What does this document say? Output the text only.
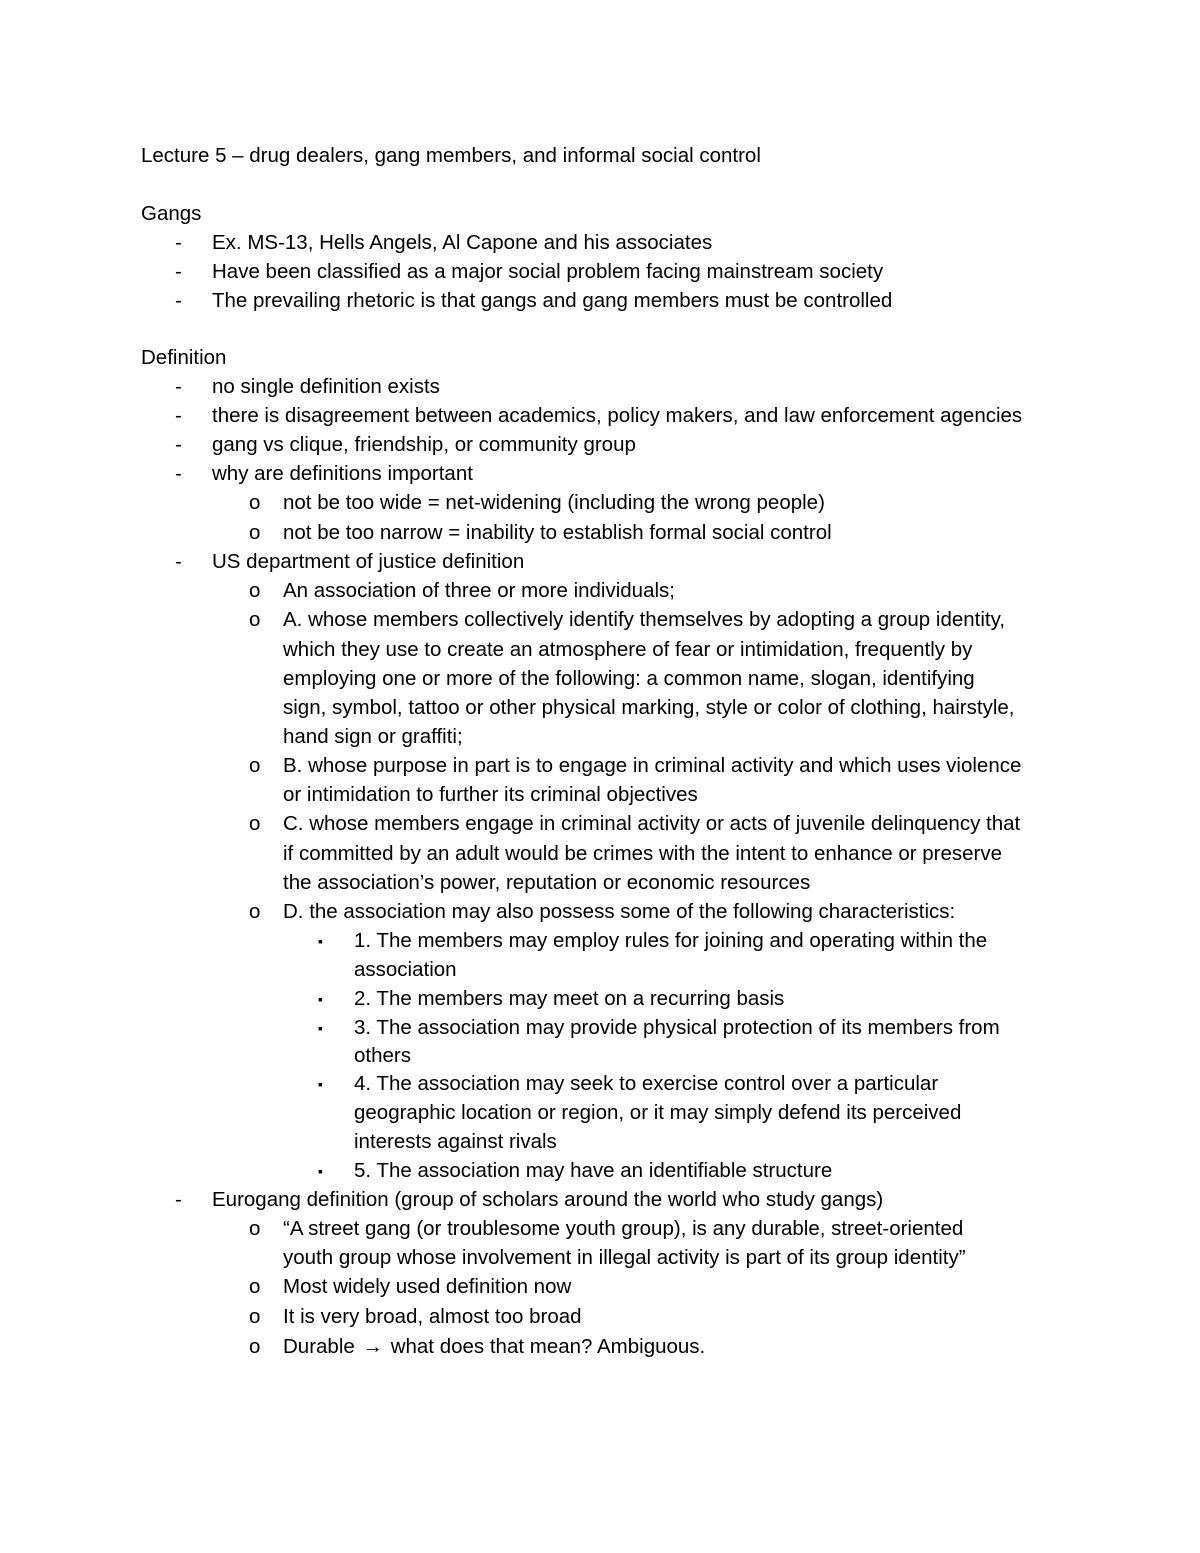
Lecture 5 – drug dealers, gang members, and informal social control
Gangs
- Ex. MS-13, Hells Angels, Al Capone and his associates
- Have been classified as a major social problem facing mainstream society
- The prevailing rhetoric is that gangs and gang members must be controlled
Definition
- no single definition exists
- there is disagreement between academics, policy makers, and law enforcement agencies
- gang vs clique, friendship, or community group
- why are definitions important
o not be too wide = net-widening (including the wrong people)
o not be too narrow = inability to establish formal social control
- US department of justice definition
o An association of three or more individuals;
o A. whose members collectively identify themselves by adopting a group identity,
which they use to create an atmosphere of fear or intimidation, frequently by
employing one or more of the following: a common name, slogan, identifying
sign, symbol, tattoo or other physical marking, style or color of clothing, hairstyle,
hand sign or graffiti;
o B. whose purpose in part is to engage in criminal activity and which uses violence
or intimidation to further its criminal objectives
o C. whose members engage in criminal activity or acts of juvenile delinquency that
if committed by an adult would be crimes with the intent to enhance or preserve
the association’s power, reputation or economic resources
o D. the association may also possess some of the following characteristics:
▪ 1. The members may employ rules for joining and operating within the
association
▪ 2. The members may meet on a recurring basis
▪ 3. The association may provide physical protection of its members from
others
▪ 4. The association may seek to exercise control over a particular
geographic location or region, or it may simply defend its perceived
interests against rivals
▪ 5. The association may have an identifiable structure
- Eurogang definition (group of scholars around the world who study gangs)
o “A street gang (or troublesome youth group), is any durable, street-oriented
youth group whose involvement in illegal activity is part of its group identity”
o Most widely used definition now
o It is very broad, almost too broad
o Durable → what does that mean? Ambiguous.
